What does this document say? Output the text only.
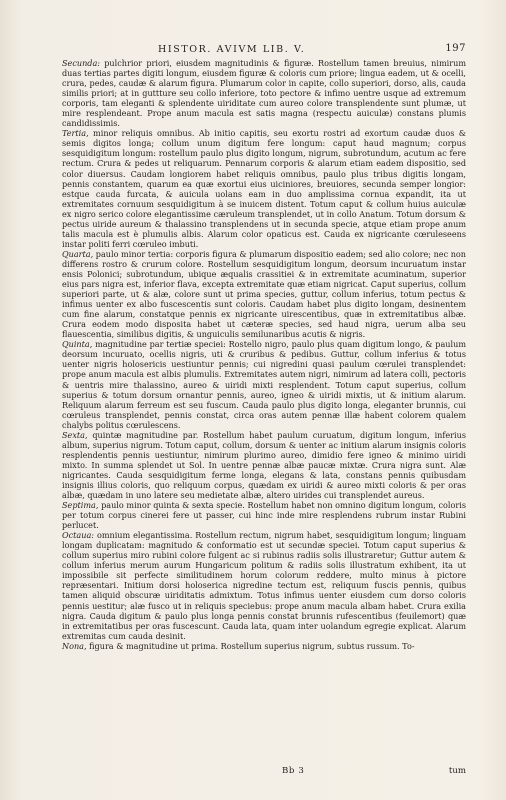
HISTOR. AVIVM LIB. V.	197

Secunda: pulchrior priori, eiusdem magnitudinis & figuræ. Rostellum tamen breuius, nimirum duas tertias partes digiti longum, eiusdem figuræ & coloris cum priore; lingua eadem, ut & ocelli, crura, pedes, caudæ & alarum figura. Plumarum color in capite, collo superiori, dorso, alis, cauda similis priori; at in guttture seu collo inferiore, toto pectore & infimo uentre usque ad extremum corporis, tam eleganti & splendente uiriditate cum aureo colore transplendente sunt plumæ, ut mire resplendeant. Prope anum macula est satis magna (respectu auiculæ) constans plumis candidissimis.

Tertia, minor reliquis omnibus. Ab initio capitis, seu exortu rostri ad exortum caudæ duos & semis digitos longa; collum unum digitum fere longum: caput haud magnum; corpus sesquidigitum longum: rostellum paulo plus digito longum, nigrum, subrotundum, acutum ac fere rectum. Crura & pedes ut reliquarum. Pennarum corporis & alarum etiam eadem dispositio, sed color diuersus. Caudam longiorem habet reliquis omnibus, paulo plus tribus digitis longam, pennis constantem, quarum ea quæ exortui eius uiciniores, breuiores, secunda semper longior: estque cauda furcata, & auicula uolans eam in duo amplissima cornua expandit, ita ut extremitates cornuum sesquidigitum à se inuicem distent. Totum caput & collum huius auiculæ ex nigro serico colore elegantissime cæruleum transplendet, ut in collo Anatum. Totum dorsum & pectus uiride aureum & thalassino transplendens ut in secunda specie, atque etiam prope anum talis macula est è plumulis albis. Alarum color opaticus est. Cauda ex nigricante cœruleseens instar politi ferri cœruleo imbuti.

Quarta, paulo minor tertia: corporis figura & plumarum dispositio eadem; sed alio colore; nec non differens rostro & crurum colore. Rostellum sesquidigitum longum, deorsum incuruatum instar ensis Polonici; subrotundum, ubique æqualis crassitiei & in extremitate acuminatum, superior eius pars nigra est, inferior flava, excepta extremitate quæ etiam nigricat. Caput superius, collum superiori parte, ut & alæ, colore sunt ut prima species, guttur, collum inferius, totum pectus & infimus uenter ex albo fuscescentis sunt coloris. Caudam habet plus digito longam, desinentem cum fine alarum, constatque pennis ex nigricante uirescentibus, quæ in extremitatibus albæ. Crura eodem modo disposita habet ut cæteræ species, sed haud nigra, uerum alba seu flauescentia, similibus digitis, & unguiculis semilunaribus acutis & nigris.

Quinta, magnitudine par tertiæ speciei: Rostello nigro, paulo plus quam digitum longo, & paulum deorsum incuruato, ocellis nigris, uti & cruribus & pedibus. Guttur, collum inferius & totus uenter nigris holosericis uestiuntur pennis; cui nigredini quasi paulum cœrulei transplendet: prope anum macula est albis plumulis. Extremitates autem nigri, nimirum ad latera colli, pectoris & uentris mire thalassino, aureo & uiridi mixti resplendent. Totum caput superius, collum superius & totum dorsum ornantur pennis, aureo, igneo & uiridi mixtis, ut & initium alarum. Reliquum alarum ferreum est seu fuscum. Cauda paulo plus digito longa, eleganter brunnis, cui cœruleus transplendet, pennis constat, circa oras autem pennæ illæ habent colorem qualem chalybs politus cœrulescens.

Sexta, quintæ magnitudine par. Rostellum habet paulum curuatum, digitum longum, inferius album, superius nigrum. Totum caput, collum, dorsum & uenter ac initium alarum insignis coloris resplendentis pennis uestiuntur, nimirum plurimo aureo, dimidio fere igneo & minimo uiridi mixto. In summa splendet ut Sol. In uentre pennæ albæ paucæ mixtæ. Crura nigra sunt. Alæ nigricantes. Cauda sesquidigitum ferme longa, elegans & lata, constans pennis quibusdam insignis illius coloris, quo reliquum corpus, quædam ex uiridi & aureo mixti coloris & per oras albæ, quædam in uno latere seu medietate albæ, altero uirides cui transplendet aureus.

Septima, paulo minor quinta & sexta specie. Rostellum habet non omnino digitum longum, coloris per totum corpus cinerei fere ut passer, cui hinc inde mire resplendens rubrum instar Rubini perlucet.

Octaua: omnium elegantissima. Rostellum rectum, nigrum habet, sesquidigitum longum; linguam longam duplicatam: magnitudo & conformatio est ut secundæ speciei. Totum caput superius & collum superius miro rubini colore fulgent ac si rubinus radiis solis illustraretur; Guttur autem & collum inferius merum aurum Hungaricum politum & radiis solis illustratum exhibent, ita ut impossibile sit perfecte similitudinem horum colorum reddere, multo minus à pictore repræsentari. Initium dorsi holoserica nigredine tectum est, reliquum fuscis pennis, quibus tamen aliquid obscuræ uiriditatis admixtum. Totus infimus uenter eiusdem cum dorso coloris pennis uestitur; alæ fusco ut in reliquis speciebus: prope anum macula albam habet. Crura exilia nigra. Cauda digitum & paulo plus longa pennis constat brunnis rufescentibus (feuilemort) quæ in extremitatibus per oras fuscescunt. Cauda lata, quam inter uolandum egregie explicat. Alarum extremitas cum cauda desinit.

Nona, figura & magnitudine ut prima. Rostellum superius nigrum, subtus russum. To-

Bb 3	tum
